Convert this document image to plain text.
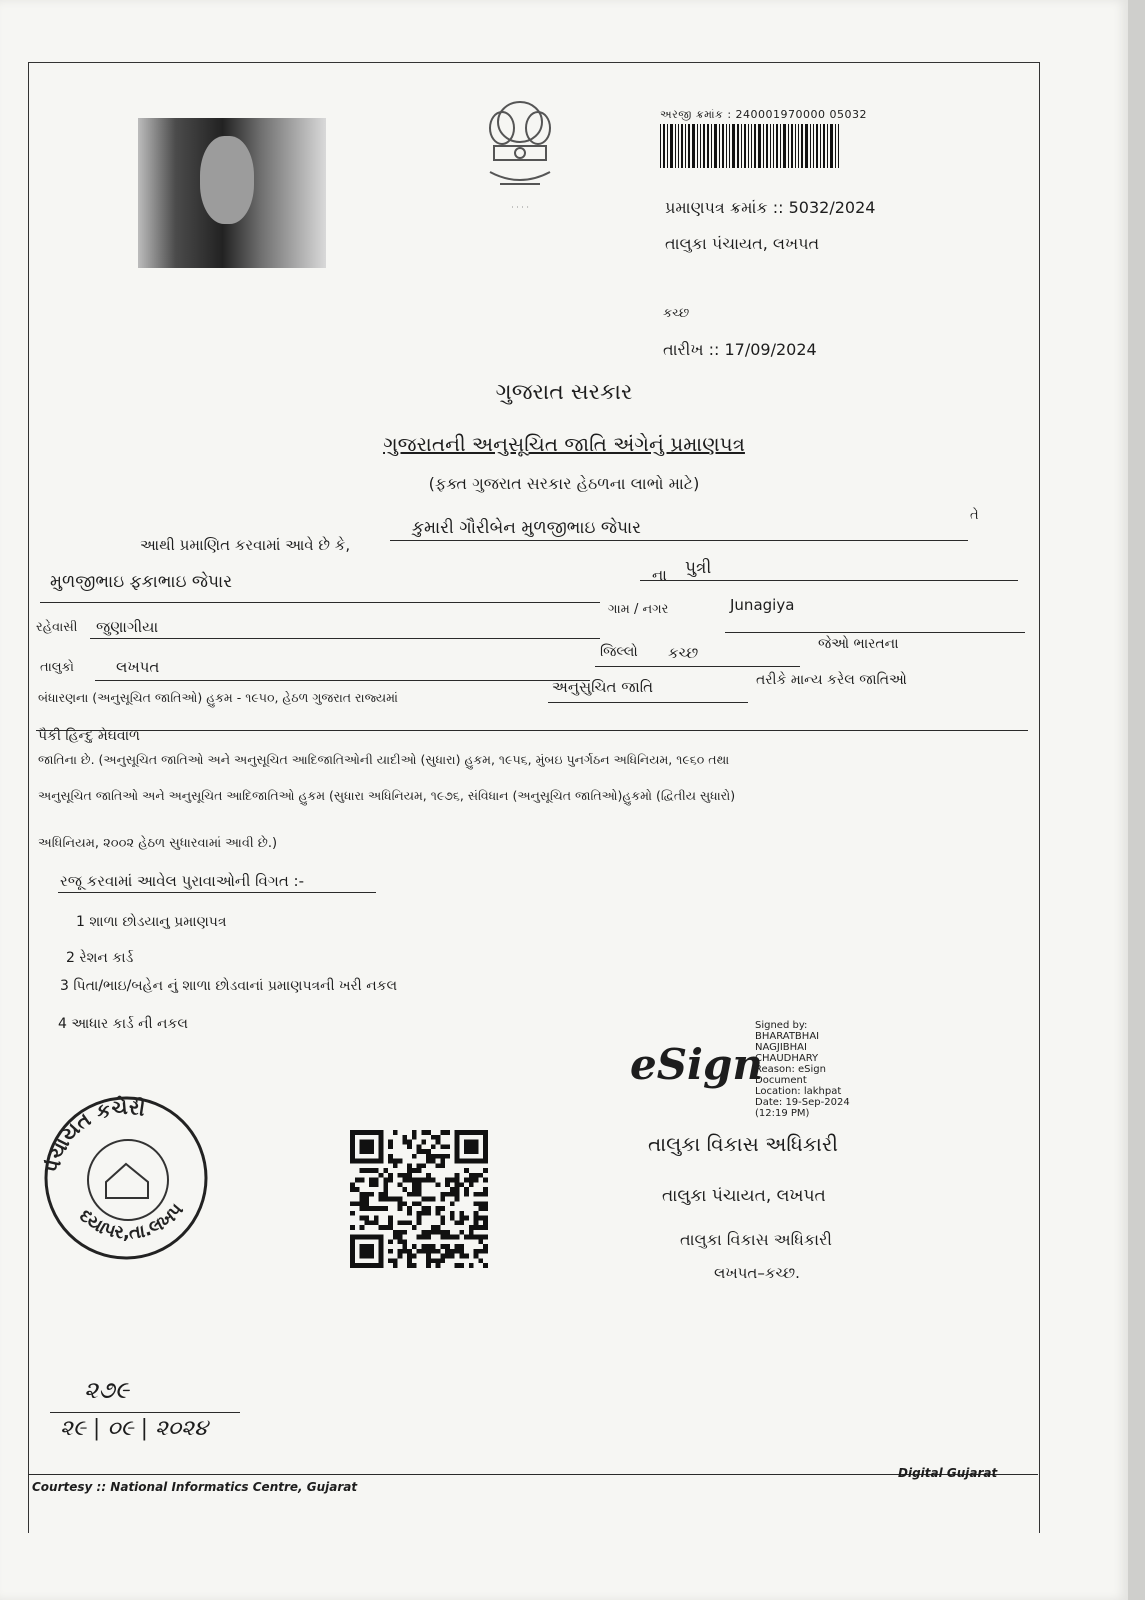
· · · ·
અરજી ક્રમાંક : 240001970000 05032
પ્રમાણપત્ર ક્રમાંક :: 5032/2024
તાલુકા પંચાયત, લખપત
કચ્છ
તારીખ :: 17/09/2024
ગુજરાત સરકાર
ગુજરાતની અનુસૂચિત જાતિ અંગેનું પ્રમાણપત્ર
(ફક્ત ગુજરાત સરકાર હેઠળના લાભો માટે)
આથી પ્રમાણિત કરવામાં આવે છે કે,
કુમારી ગૌરીબેન મુળજીભાઇ જેપાર
તે
મુળજીભાઇ ફકાભાઇ જેપાર	ના પુત્રી
ગામ / નગર	Junagiya
રહેવાસી જુણાગીયા
જિલ્લો કચ્છ	જેઓ ભારતના
તાલુકો	લખપત
બંધારણના (અનુસૂચિત જાતિઓ) હુકમ - ૧૯૫૦, હેઠળ ગુજરાત રાજ્યમાં
અનુસુચિત જાતિ	તરીકે માન્ય કરેલ જાતિઓ
પૈકી હિન્દુ મેઘવાળ
જાતિના છે. (અનુસૂચિત જાતિઓ અને અનુસૂચિત આદિજાતિઓની યાદીઓ (સુધારા) હુકમ, ૧૯૫૬, મુંબઇ પુનર્ગઠન અધિનિયમ, ૧૯૬૦ તથા
અનુસૂચિત જાતિઓ અને અનુસૂચિત આદિજાતિઓ હુકમ (સુધારા અધિનિયમ, ૧૯૭૬, સંવિધાન (અનુસૂચિત જાતિઓ)હુકમો (દ્વિતીય સુધારો)
અધિનિયમ, ૨૦૦૨ હેઠળ સુધારવામાં આવી છે.)
રજૂ કરવામાં આવેલ પુરાવાઓની વિગત :-
1 શાળા છોડયાનુ પ્રમાણપત્ર
2 રેશન કાર્ડ
3 પિતા/ભાઇ/બહેન નું શાળા છોડવાનાં પ્રમાણપત્રની ખરી નકલ
4 આધાર કાર્ડ ની નકલ
પંચાયત કચેરી
દયાપર,તા.લખપ
eSign
Signed by:
BHARATBHAI
NAGJIBHAI
CHAUDHARY
Reason: eSign
Document
Location: lakhpat
Date: 19-Sep-2024
(12:19 PM)
તાલુકા વિકાસ અધિકારી
તાલુકા પંચાયત, લખપત
તાલુકા વિકાસ અધિકારી
લખપત–કચ્છ.
૨૭૯
૨૯ | ૦૯ | ૨૦૨૪
Courtesy :: National Informatics Centre, Gujarat
Digital Gujarat
